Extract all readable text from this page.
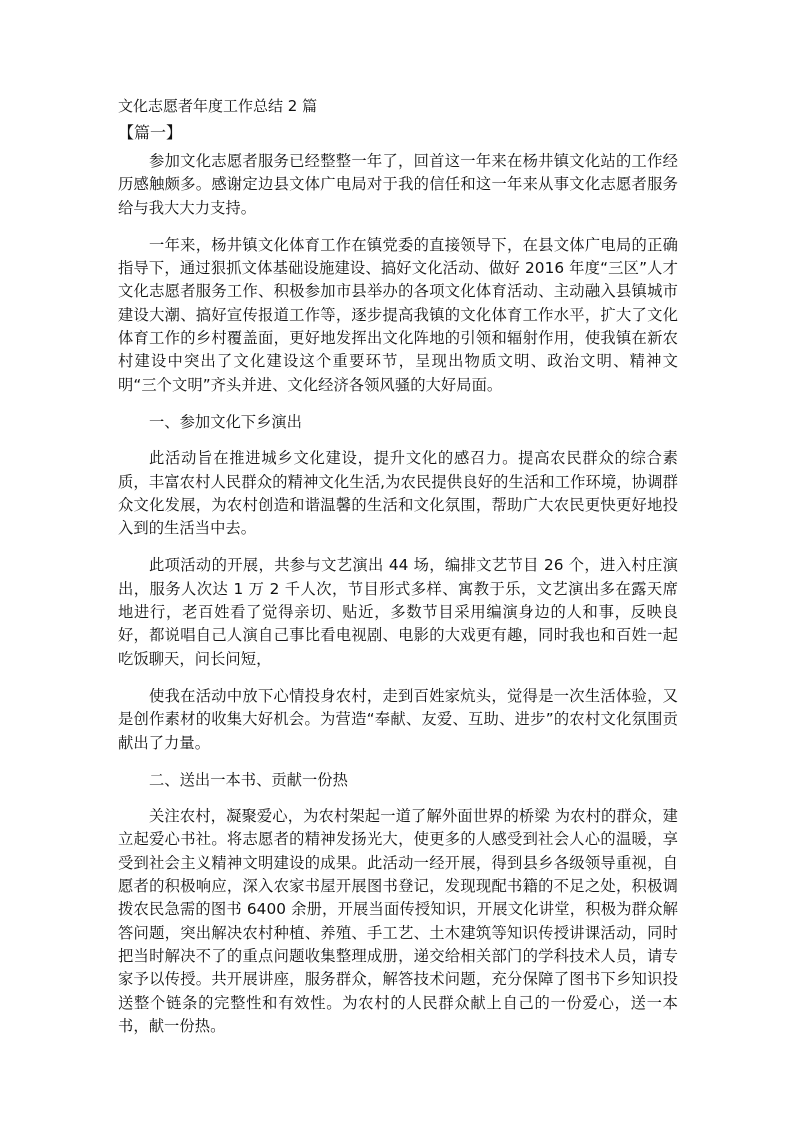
文化志愿者年度工作总结 2 篇

【篇一】

参加文化志愿者服务已经整整一年了，回首这一年来在杨井镇文化站的工作经历感触颇多。感谢定边县文体广电局对于我的信任和这一年来从事文化志愿者服务给与我大大力支持。

一年来，杨井镇文化体育工作在镇党委的直接领导下，在县文体广电局的正确指导下，通过狠抓文体基础设施建设、搞好文化活动、做好 2016 年度“三区”人才文化志愿者服务工作、积极参加市县举办的各项文化体育活动、主动融入县镇城市建设大潮、搞好宣传报道工作等，逐步提高我镇的文化体育工作水平，扩大了文化体育工作的乡村覆盖面，更好地发挥出文化阵地的引领和辐射作用，使我镇在新农村建设中突出了文化建设这个重要环节，呈现出物质文明、政治文明、精神文明“三个文明”齐头并进、文化经济各领风骚的大好局面。

一、参加文化下乡演出

此活动旨在推进城乡文化建设，提升文化的感召力。提高农民群众的综合素质，丰富农村人民群众的精神文化生活,为农民提供良好的生活和工作环境，协调群众文化发展，为农村创造和谐温馨的生活和文化氛围，帮助广大农民更快更好地投入到的生活当中去。

此项活动的开展，共参与文艺演出 44 场，编排文艺节目 26 个，进入村庄演出，服务人次达 1 万 2 千人次，节目形式多样、寓教于乐，文艺演出多在露天席地进行，老百姓看了觉得亲切、贴近，多数节目采用编演身边的人和事，反映良好，都说唱自己人演自己事比看电视剧、电影的大戏更有趣，同时我也和百姓一起吃饭聊天，问长问短，

使我在活动中放下心情投身农村，走到百姓家炕头，觉得是一次生活体验，又是创作素材的收集大好机会。为营造“奉献、友爱、互助、进步”的农村文化氛围贡献出了力量。

二、送出一本书、贡献一份热

关注农村，凝聚爱心，为农村架起一道了解外面世界的桥梁 为农村的群众，建立起爱心书社。将志愿者的精神发扬光大，使更多的人感受到社会人心的温暖，享受到社会主义精神文明建设的成果。此活动一经开展，得到县乡各级领导重视，自愿者的积极响应，深入农家书屋开展图书登记，发现现配书籍的不足之处，积极调拨农民急需的图书 6400 余册，开展当面传授知识，开展文化讲堂，积极为群众解答问题，突出解决农村种植、养殖、手工艺、土木建筑等知识传授讲课活动，同时把当时解决不了的重点问题收集整理成册，递交给相关部门的学科技术人员，请专家予以传授。共开展讲座，服务群众，解答技术问题，充分保障了图书下乡知识投送整个链条的完整性和有效性。为农村的人民群众献上自己的一份爱心，送一本书，献一份热。
